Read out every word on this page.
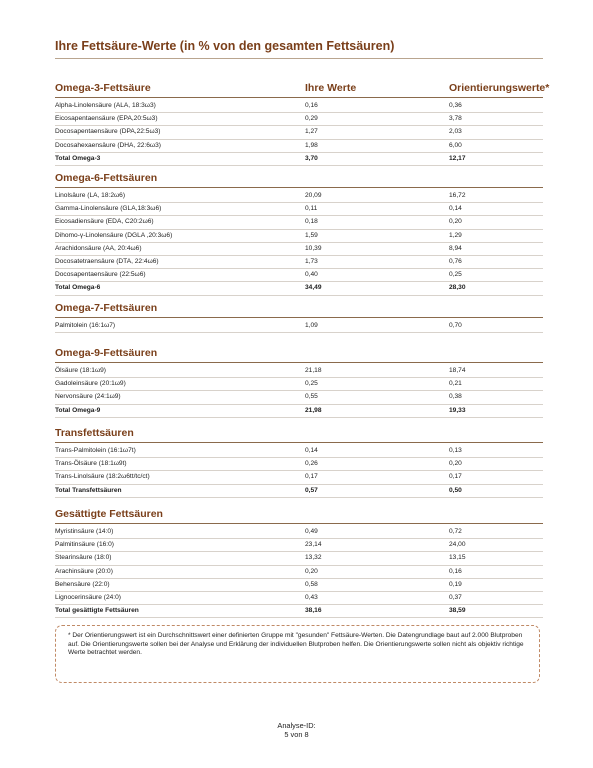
Ihre Fettsäure-Werte (in % von den gesamten Fettsäuren)
Omega-3-Fettsäure	Ihre Werte	Orientierungswerte*
Alpha-Linolensäure (ALA, 18:3ω3)	0,16	0,36
Eicosapentaensäure (EPA,20:5ω3)	0,29	3,78
Docosapentaensäure (DPA,22:5ω3)	1,27	2,03
Docosahexaensäure (DHA, 22:6ω3)	1,98	6,00
Total Omega-3	3,70	12,17
Omega-6-Fettsäuren
Linolsäure (LA, 18:2ω6)	20,09	16,72
Gamma-Linolensäure (GLA,18:3ω6)	0,11	0,14
Eicosadiensäure (EDA, C20:2ω6)	0,18	0,20
Dihomo-γ-Linolensäure (DGLA ,20:3ω6)	1,59	1,29
Arachidonsäure (AA, 20:4ω6)	10,39	8,94
Docosatetraensäure (DTA, 22:4ω6)	1,73	0,76
Docosapentaensäure (22:5ω6)	0,40	0,25
Total Omega-6	34,49	28,30
Omega-7-Fettsäuren
Palmitolein (16:1ω7)	1,09	0,70
Omega-9-Fettsäuren
Ölsäure (18:1ω9)	21,18	18,74
Gadoleinsäure (20:1ω9)	0,25	0,21
Nervonsäure (24:1ω9)	0,55	0,38
Total Omega-9	21,98	19,33
Transfettsäuren
Trans-Palmitolein (16:1ω7t)	0,14	0,13
Trans-Ölsäure (18:1ω9t)	0,26	0,20
Trans-Linolsäure (18:2ω6tt/tc/ct)	0,17	0,17
Total Transfettsäuren	0,57	0,50
Gesättigte Fettsäuren
Myristinsäure (14:0)	0,49	0,72
Palmitinsäure (16:0)	23,14	24,00
Stearinsäure (18:0)	13,32	13,15
Arachinsäure (20:0)	0,20	0,16
Behensäure (22:0)	0,58	0,19
Lignocerinsäure (24:0)	0,43	0,37
Total gesättigte Fettsäuren	38,16	38,59
* Der Orientierungswert ist ein Durchschnittswert einer definierten Gruppe mit "gesunden" Fettsäure-Werten. Die Datengrundlage baut auf 2.000 Blutproben auf. Die Orientierungswerte sollen bei der Analyse und Erklärung der individuellen Blutproben helfen. Die Orientierungswerte sollen nicht als objektiv richtige Werte betrachtet werden.
Analyse-ID:
5 von 8
